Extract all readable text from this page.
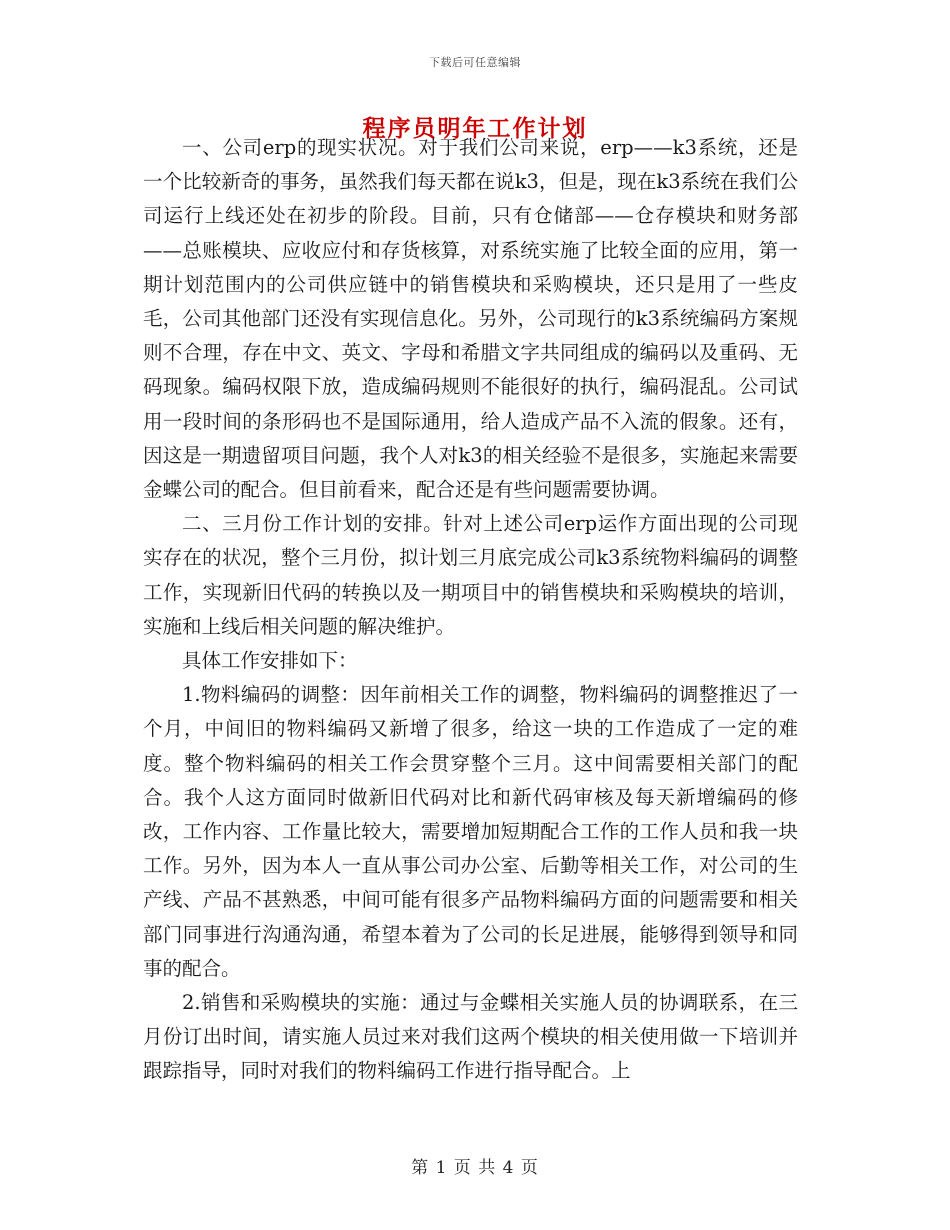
下载后可任意编辑
程序员明年工作计划

一、公司erp的现实状况。对于我们公司来说，erp——k3系统，还是一个比较新奇的事务，虽然我们每天都在说k3，但是，现在k3系统在我们公司运行上线还处在初步的阶段。目前，只有仓储部——仓存模块和财务部——总账模块、应收应付和存货核算，对系统实施了比较全面的应用，第一期计划范围内的公司供应链中的销售模块和采购模块，还只是用了一些皮毛，公司其他部门还没有实现信息化。另外，公司现行的k3系统编码方案规则不合理，存在中文、英文、字母和希腊文字共同组成的编码以及重码、无码现象。编码权限下放，造成编码规则不能很好的执行，编码混乱。公司试用一段时间的条形码也不是国际通用，给人造成产品不入流的假象。还有，因这是一期遗留项目问题，我个人对k3的相关经验不是很多，实施起来需要金蝶公司的配合。但目前看来，配合还是有些问题需要协调。

二、三月份工作计划的安排。针对上述公司erp运作方面出现的公司现实存在的状况，整个三月份，拟计划三月底完成公司k3系统物料编码的调整工作，实现新旧代码的转换以及一期项目中的销售模块和采购模块的培训，实施和上线后相关问题的解决维护。

具体工作安排如下：

1.物料编码的调整：因年前相关工作的调整，物料编码的调整推迟了一个月，中间旧的物料编码又新增了很多，给这一块的工作造成了一定的难度。整个物料编码的相关工作会贯穿整个三月。这中间需要相关部门的配合。我个人这方面同时做新旧代码对比和新代码审核及每天新增编码的修改，工作内容、工作量比较大，需要增加短期配合工作的工作人员和我一块工作。另外，因为本人一直从事公司办公室、后勤等相关工作，对公司的生产线、产品不甚熟悉，中间可能有很多产品物料编码方面的问题需要和相关部门同事进行沟通沟通，希望本着为了公司的长足进展，能够得到领导和同事的配合。

2.销售和采购模块的实施：通过与金蝶相关实施人员的协调联系，在三月份订出时间，请实施人员过来对我们这两个模块的相关使用做一下培训并跟踪指导，同时对我们的物料编码工作进行指导配合。上

第 1 页 共 4 页
